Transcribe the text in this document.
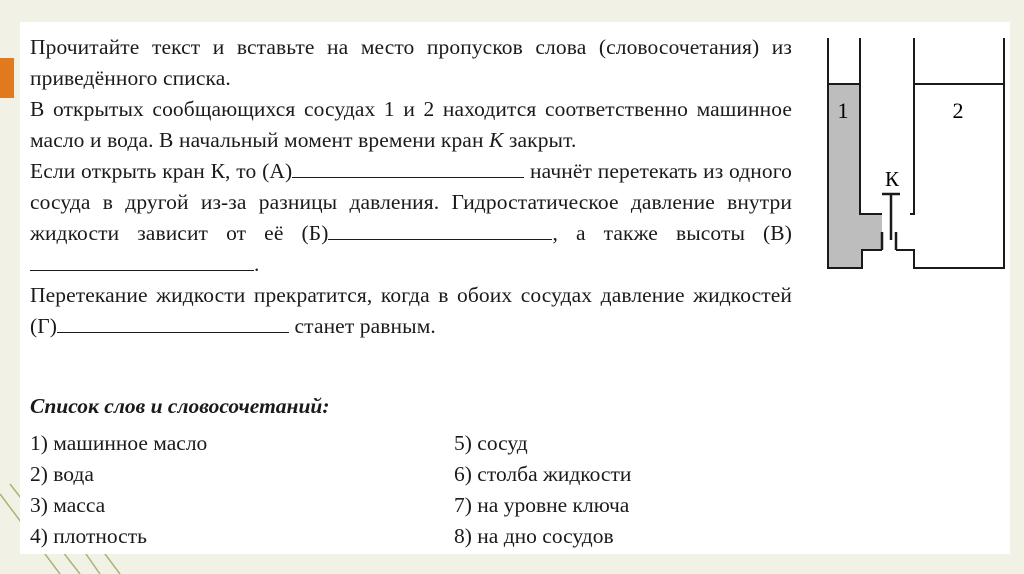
Прочитайте текст и вставьте на место пропусков слова (словосочетания) из приведённого списка.

В открытых сообщающихся сосудах 1 и 2 находится соответственно машинное масло и вода. В начальный момент времени кран К закрыт.

Если открыть кран К, то (А)	начнёт перетекать из одного сосуда в другой из-за разницы давления. Гидростатическое давление внутри жидкости зависит от её (Б)	, а также высоты (В).

Перетекание жидкости прекратится, когда в обоих сосудах давление жидкостей (Г)	станет равным.

Список слов и словосочетаний:
1) машинное масло
2) вода
3) масса
4) плотность
5) сосуд
6) столба жидкости
7) на уровне ключа
8) на дно сосудов
1	2
К
